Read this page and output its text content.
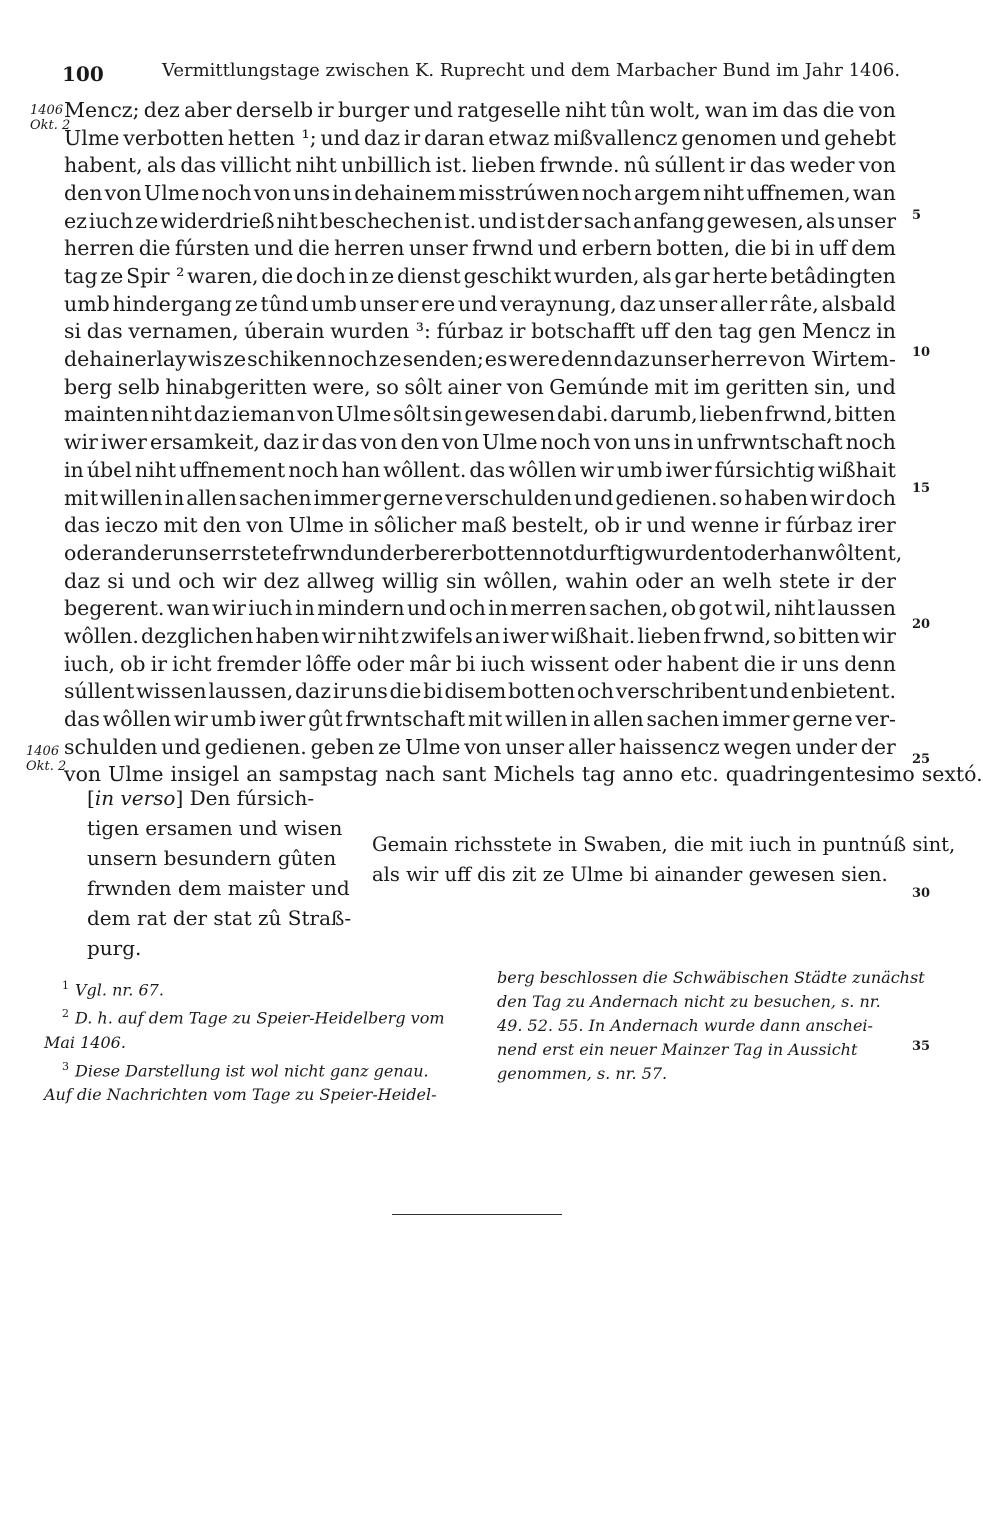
100	Vermittlungstage zwischen K. Ruprecht und dem Marbacher Bund im Jahr 1406.
1406
Okt. 2
1406
Okt. 2
Mencz; dez aber derselb ir burger und ratgeselle niht tûn wolt, wan im das die von
Ulme verbotten hetten ¹; und daz ir daran etwaz mißvallencz genomen und gehebt
habent, als das villicht niht unbillich ist. lieben frwnde. nû súllent ir das weder von
den von Ulme noch von uns in dehainem misstrúwen noch argem niht uffnemen, wan
ez iuch ze widerdrieß niht beschechen ist. und ist der sach anfang gewesen, als unser
herren die fúrsten und die herren unser frwnd und erbern botten, die bi in uff dem
tag ze Spir ² waren, die doch in ze dienst geschikt wurden, als gar herte betâdingten
umb hindergang ze tûnd umb unser ere und veraynung, daz unser aller râte, alsbald
si das vernamen, úberain wurden ³: fúrbaz ir botschafft uff den tag gen Mencz in
dehainerlay wis ze schiken noch ze senden; es were denn daz unser herre von Wirtem-
berg selb hinabgeritten were, so sôlt ainer von Gemúnde mit im geritten sin, und
mainten niht daz ieman von Ulme sôlt sin gewesen dabi. darumb, lieben frwnd, bitten
wir iwer ersamkeit, daz ir das von den von Ulme noch von uns in unfrwntschaft noch
in úbel niht uffnement noch han wôllent. das wôllen wir umb iwer fúrsichtig wißhait
mit willen in allen sachen immer gerne verschulden und gedienen. so haben wir doch
das ieczo mit den von Ulme in sôlicher maß bestelt, ob ir und wenne ir fúrbaz irer
oder ander unserr stete frwnd und erberer botten notdurftig wurdent oder han wôltent,
daz si und och wir dez allweg willig sin wôllen, wahin oder an welh stete ir der
begerent. wan wir iuch in mindern und och in merren sachen, ob got wil, niht laussen
wôllen. dezglichen haben wir niht zwifels an iwer wißhait. lieben frwnd, so bitten wir
iuch, ob ir icht fremder lôffe oder mâr bi iuch wissent oder habent die ir uns denn
súllent wissen laussen, daz ir uns die bi disem botten och verschribent und enbietent.
das wôllen wir umb iwer gût frwntschaft mit willen in allen sachen immer gerne ver-
schulden und gedienen. geben ze Ulme von unser aller haissencz wegen under der
von Ulme insigel an sampstag nach sant Michels tag anno etc. quadringentesimo sextó.
5
10
15
20
25
30
35
[in verso] Den fúrsich-
tigen ersamen und wisen
unsern besundern gûten
frwnden dem maister und
dem rat der stat zû Straß-
purg.
Gemain richsstete in Swaben, die mit iuch in puntnúß sint,
als wir uff dis zit ze Ulme bi ainander gewesen sien.
$^1$ Vgl. nr. 67.
$^2$ D. h. auf dem Tage zu Speier-Heidelberg vom
Mai 1406.
$^3$ Diese Darstellung ist wol nicht ganz genau.
Auf die Nachrichten vom Tage zu Speier-Heidel-
berg beschlossen die Schwäbischen Städte zunächst
den Tag zu Andernach nicht zu besuchen, s. nr.
49. 52. 55. In Andernach wurde dann anschei-
nend erst ein neuer Mainzer Tag in Aussicht
genommen, s. nr. 57.
